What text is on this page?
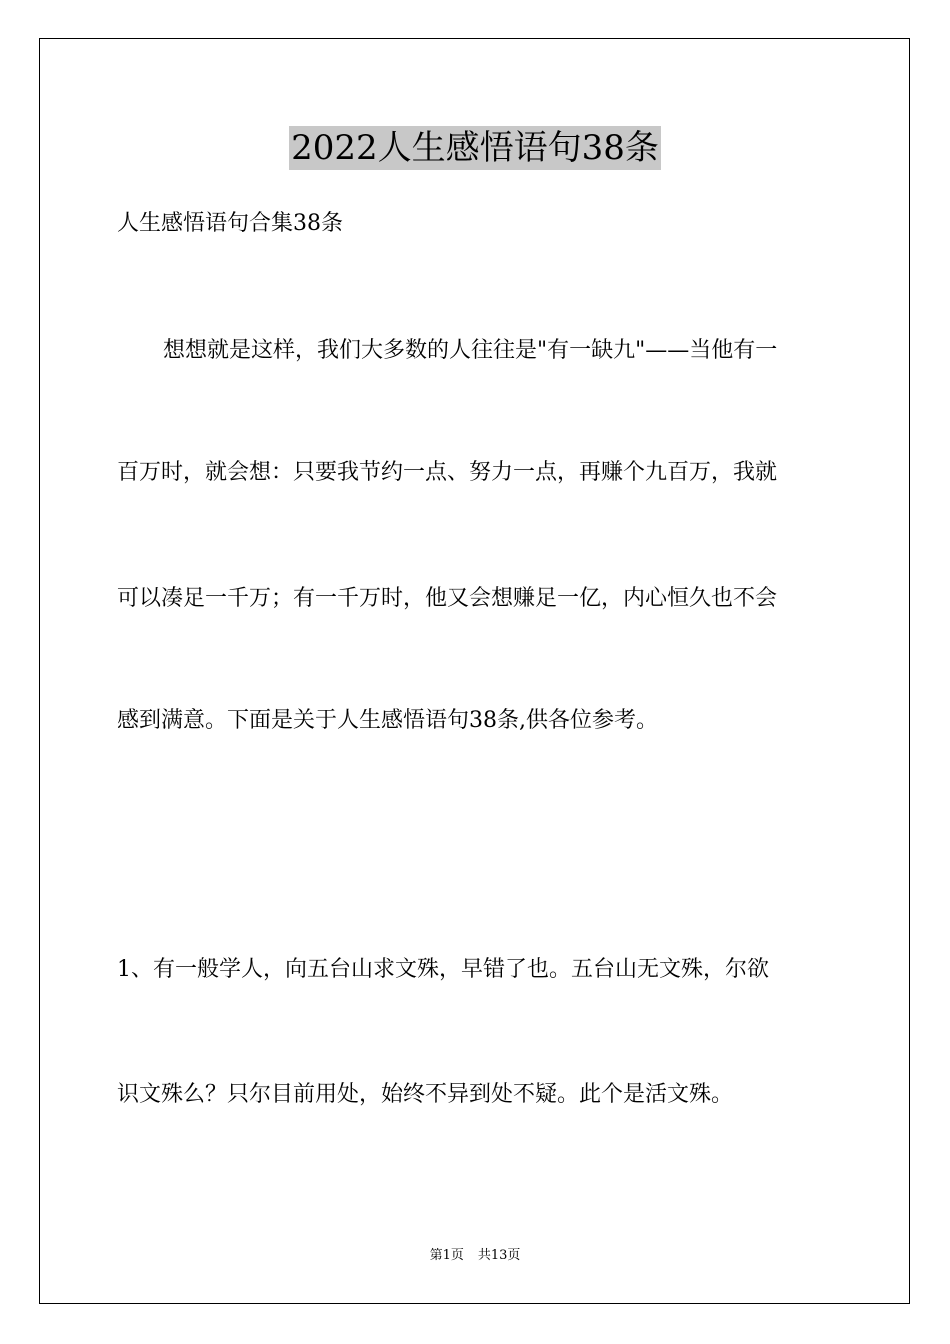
2022人生感悟语句38条
人生感悟语句合集38条
想想就是这样，我们大多数的人往往是"有一缺九"——当他有一
百万时，就会想：只要我节约一点、努力一点，再赚个九百万，我就
可以凑足一千万；有一千万时，他又会想赚足一亿，内心恒久也不会
感到满意。下面是关于人生感悟语句38条,供各位参考。
1、有一般学人，向五台山求文殊，早错了也。五台山无文殊，尔欲
识文殊么？只尔目前用处，始终不异到处不疑。此个是活文殊。
第1页 共13页
